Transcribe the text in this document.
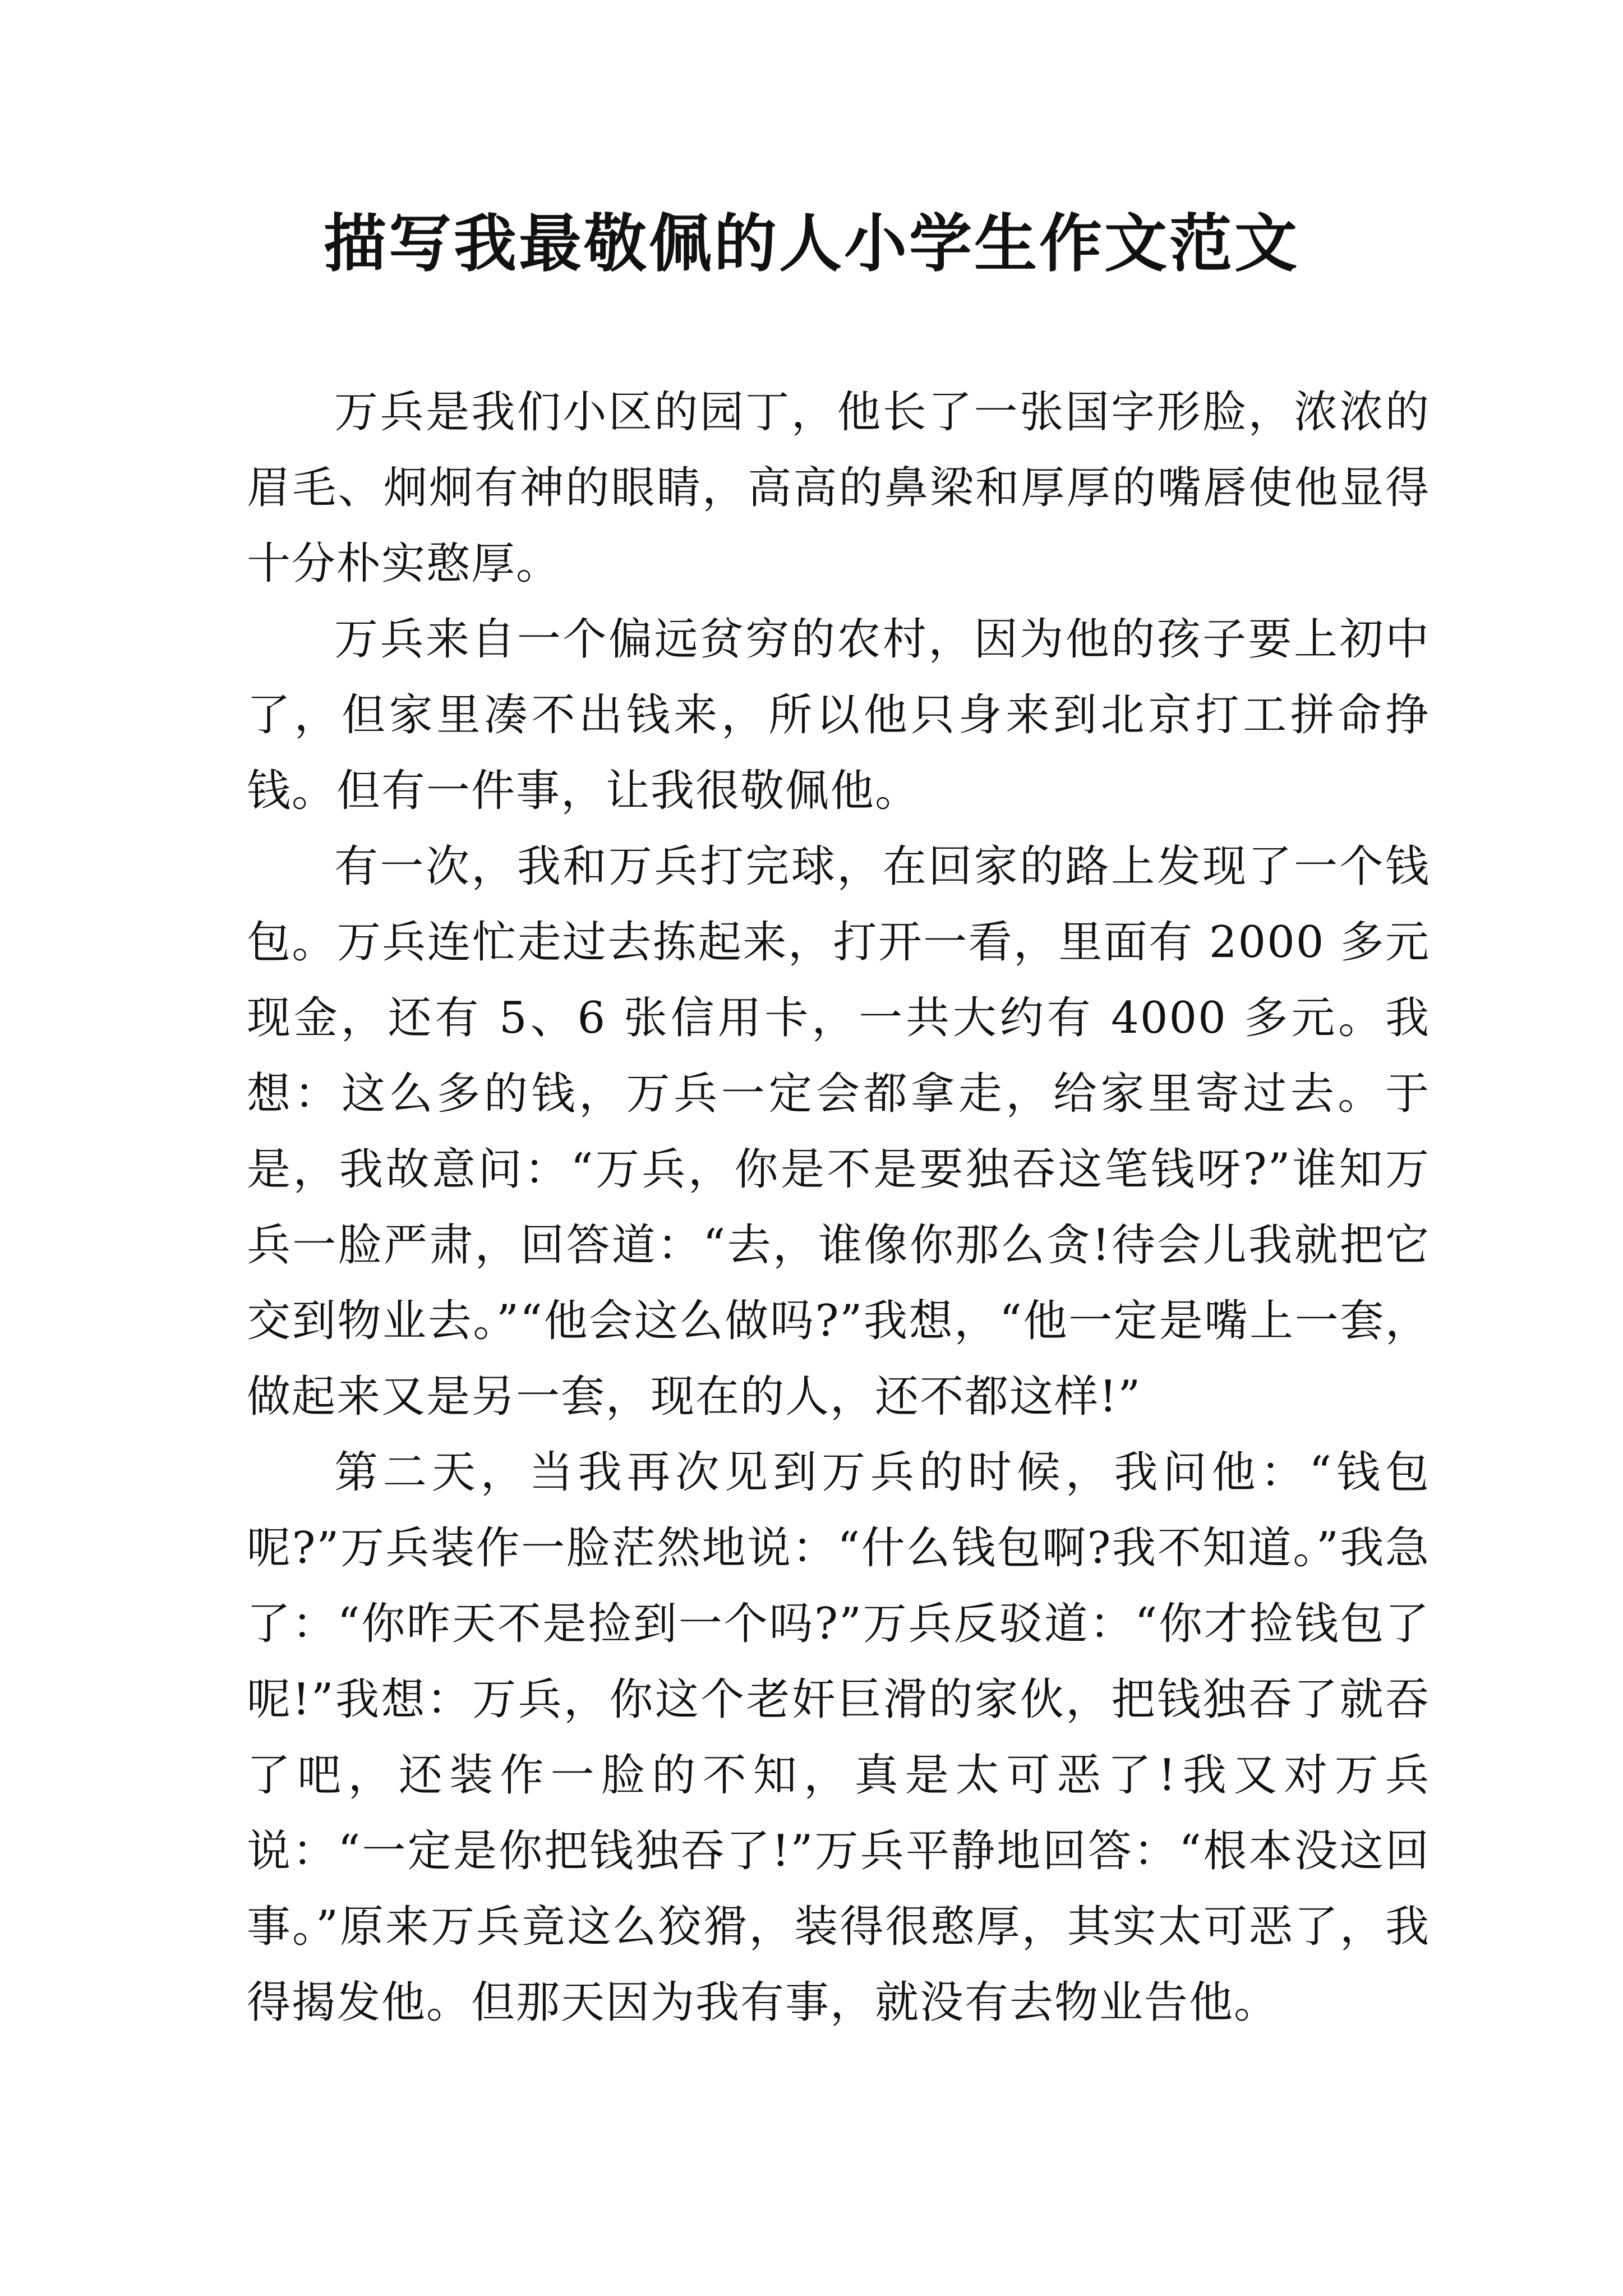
描写我最敬佩的人小学生作文范文

万兵是我们小区的园丁，他长了一张国字形脸，浓浓的眉毛、炯炯有神的眼睛，高高的鼻梁和厚厚的嘴唇使他显得十分朴实憨厚。

万兵来自一个偏远贫穷的农村，因为他的孩子要上初中了，但家里凑不出钱来，所以他只身来到北京打工拼命挣钱。但有一件事，让我很敬佩他。

有一次，我和万兵打完球，在回家的路上发现了一个钱包。万兵连忙走过去拣起来，打开一看，里面有 2000 多元现金，还有 5、6 张信用卡，一共大约有 4000 多元。我想：这么多的钱，万兵一定会都拿走，给家里寄过去。于是，我故意问：“万兵，你是不是要独吞这笔钱呀?”谁知万兵一脸严肃，回答道：“去，谁像你那么贪!待会儿我就把它交到物业去。”“他会这么做吗?”我想，“他一定是嘴上一套，做起来又是另一套，现在的人，还不都这样!”

第二天，当我再次见到万兵的时候，我问他：“钱包呢?”万兵装作一脸茫然地说：“什么钱包啊?我不知道。”我急了：“你昨天不是捡到一个吗?”万兵反驳道：“你才捡钱包了呢!”我想：万兵，你这个老奸巨滑的家伙，把钱独吞了就吞了吧，还装作一脸的不知，真是太可恶了!我又对万兵说：“一定是你把钱独吞了!”万兵平静地回答：“根本没这回事。”原来万兵竟这么狡猾，装得很憨厚，其实太可恶了，我得揭发他。但那天因为我有事，就没有去物业告他。
